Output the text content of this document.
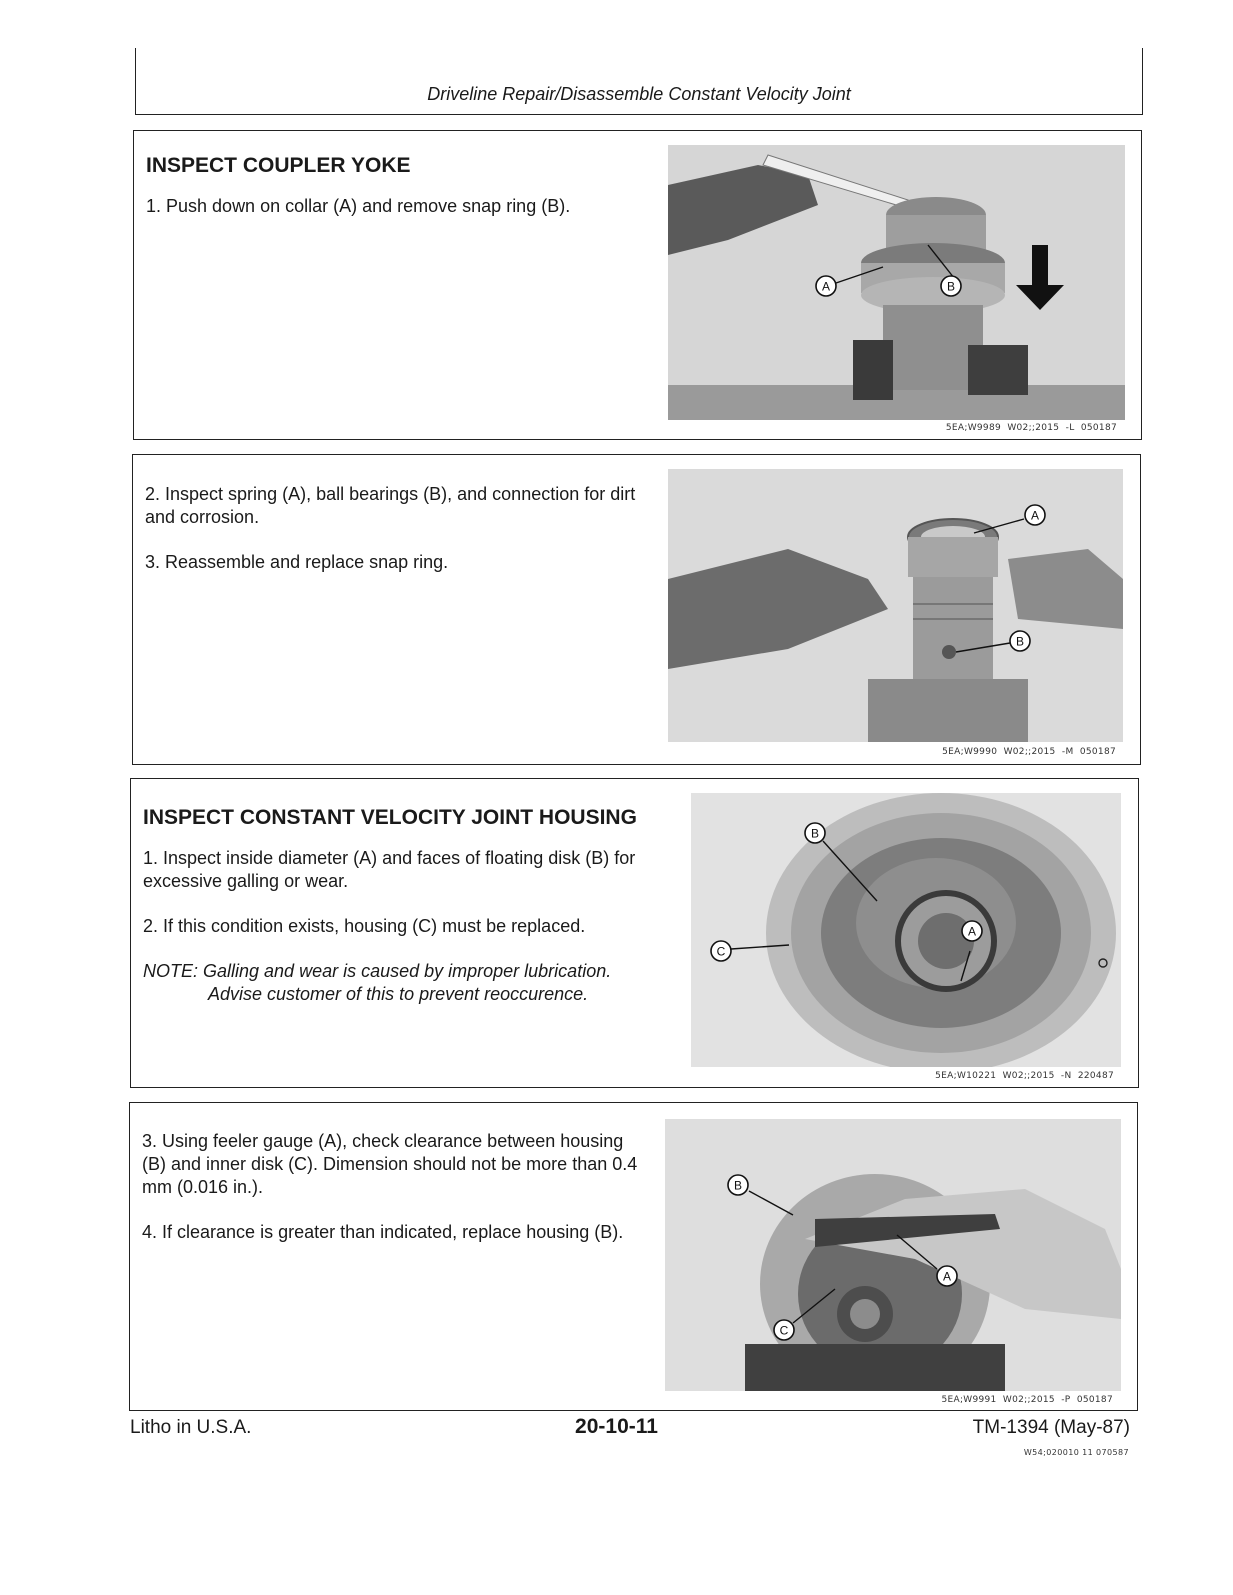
Driveline Repair/Disassemble Constant Velocity Joint
INSPECT COUPLER YOKE
1. Push down on collar (A) and remove snap ring (B).
A	B
5EA;W9989  W02;;2015  -L  050187
2. Inspect spring (A), ball bearings (B), and connection for dirt and corrosion.
3. Reassemble and replace snap ring.
A
B
5EA;W9990  W02;;2015  -M  050187
INSPECT CONSTANT VELOCITY JOINT HOUSING
1. Inspect inside diameter (A) and faces of floating disk (B) for excessive galling or wear.
2. If this condition exists, housing (C) must be replaced.
NOTE: Galling and wear is caused by improper lubrication.
Advise customer of this to prevent reoccurence.
B
A
C
5EA;W10221  W02;;2015  -N  220487
3. Using feeler gauge (A), check clearance between housing (B) and inner disk (C). Dimension should not be more than 0.4 mm (0.016 in.).
4. If clearance is greater than indicated, replace housing (B).
B
A
C
5EA;W9991  W02;;2015  -P  050187
Litho in U.S.A.	20-10-11	TM-1394 (May-87)
W54;020010 11 070587
